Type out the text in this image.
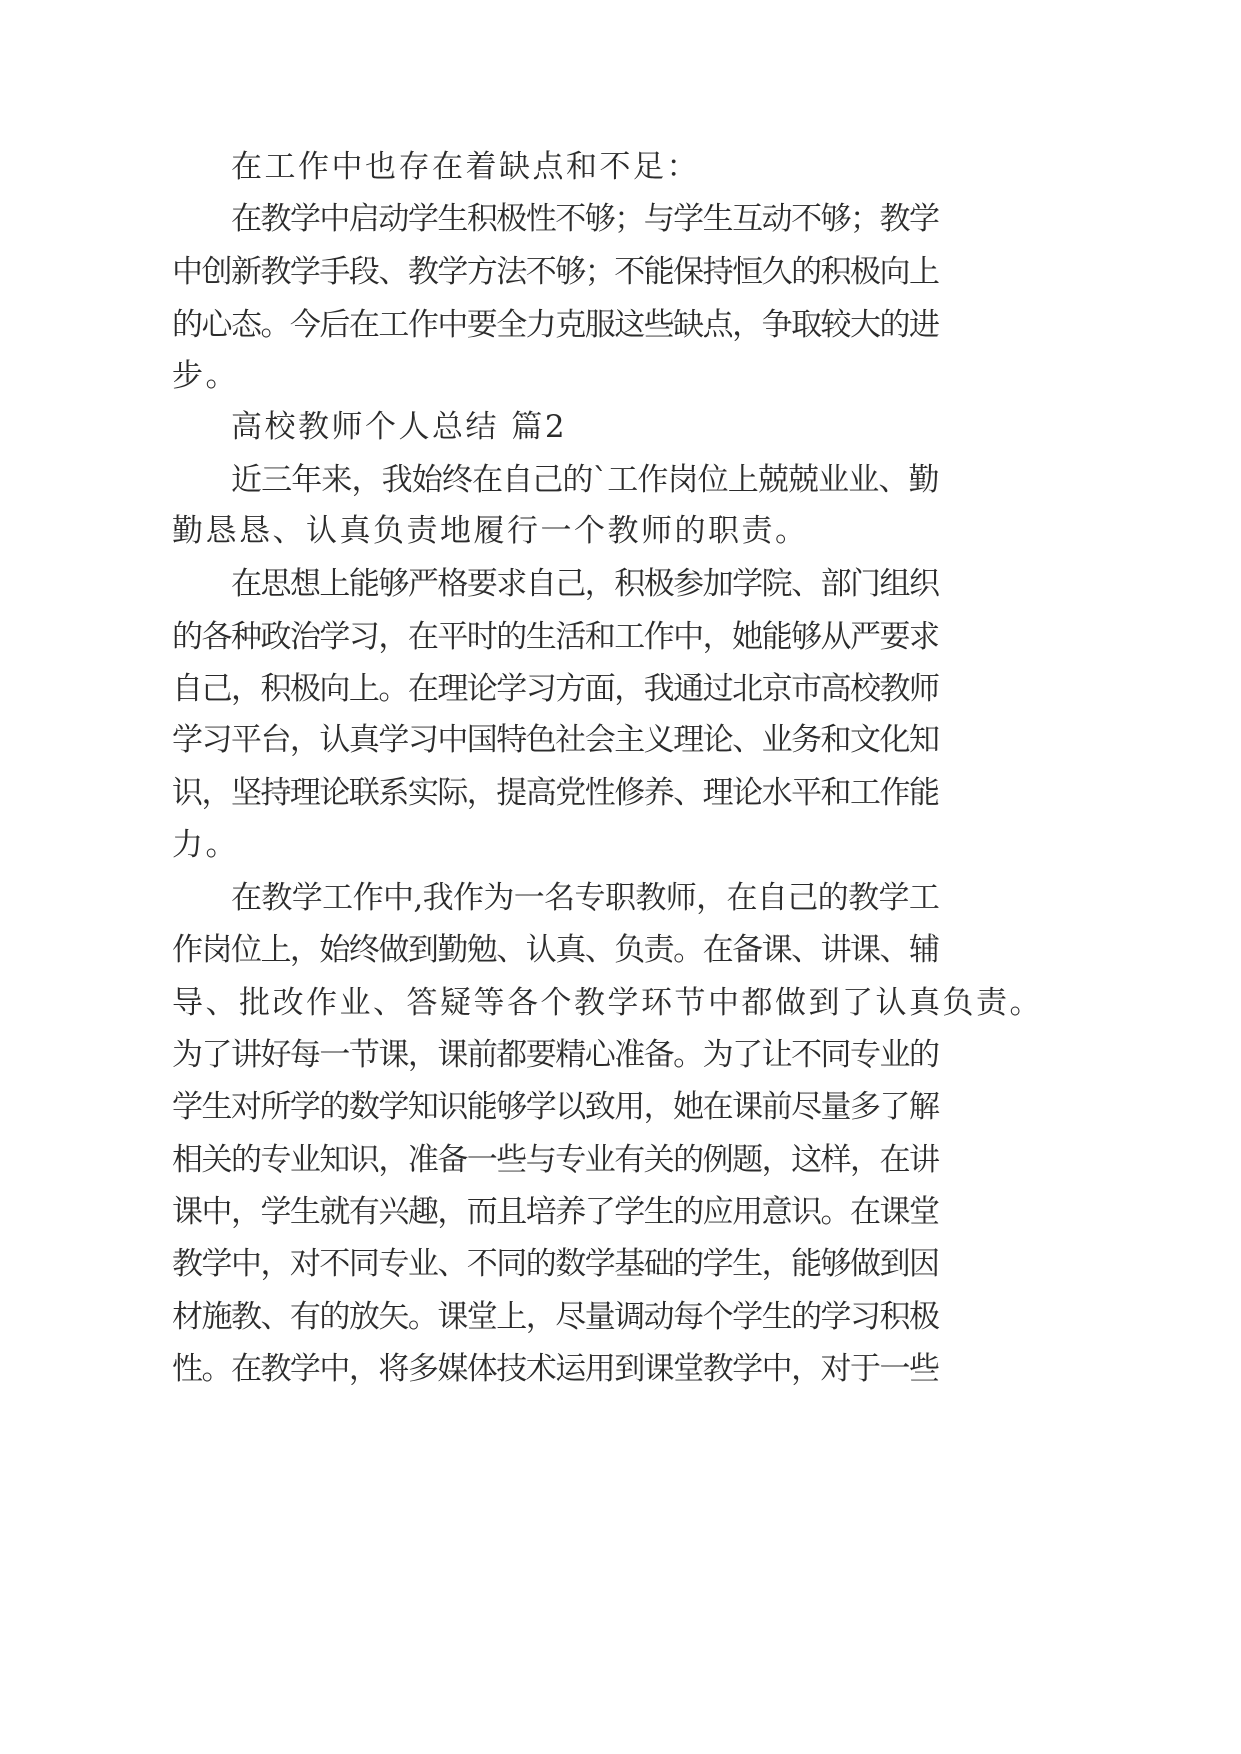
在工作中也存在着缺点和不足：

在教学中启动学生积极性不够；与学生互动不够；教学

中创新教学手段、教学方法不够；不能保持恒久的积极向上

的心态。今后在工作中要全力克服这些缺点，争取较大的进

步。

高校教师个人总结 篇2

近三年来，我始终在自己的`工作岗位上兢兢业业、勤

勤恳恳、认真负责地履行一个教师的职责。

在思想上能够严格要求自己，积极参加学院、部门组织

的各种政治学习，在平时的生活和工作中，她能够从严要求

自己，积极向上。在理论学习方面，我通过北京市高校教师

学习平台，认真学习中国特色社会主义理论、业务和文化知

识，坚持理论联系实际，提高党性修养、理论水平和工作能

力。

在教学工作中,我作为一名专职教师，在自己的教学工

作岗位上，始终做到勤勉、认真、负责。在备课、讲课、辅

导、批改作业、答疑等各个教学环节中都做到了认真负责。

为了讲好每一节课，课前都要精心准备。为了让不同专业的

学生对所学的数学知识能够学以致用，她在课前尽量多了解

相关的专业知识，准备一些与专业有关的例题，这样，在讲

课中，学生就有兴趣，而且培养了学生的应用意识。在课堂

教学中，对不同专业、不同的数学基础的学生，能够做到因

材施教、有的放矢。课堂上，尽量调动每个学生的学习积极

性。在教学中，将多媒体技术运用到课堂教学中，对于一些
